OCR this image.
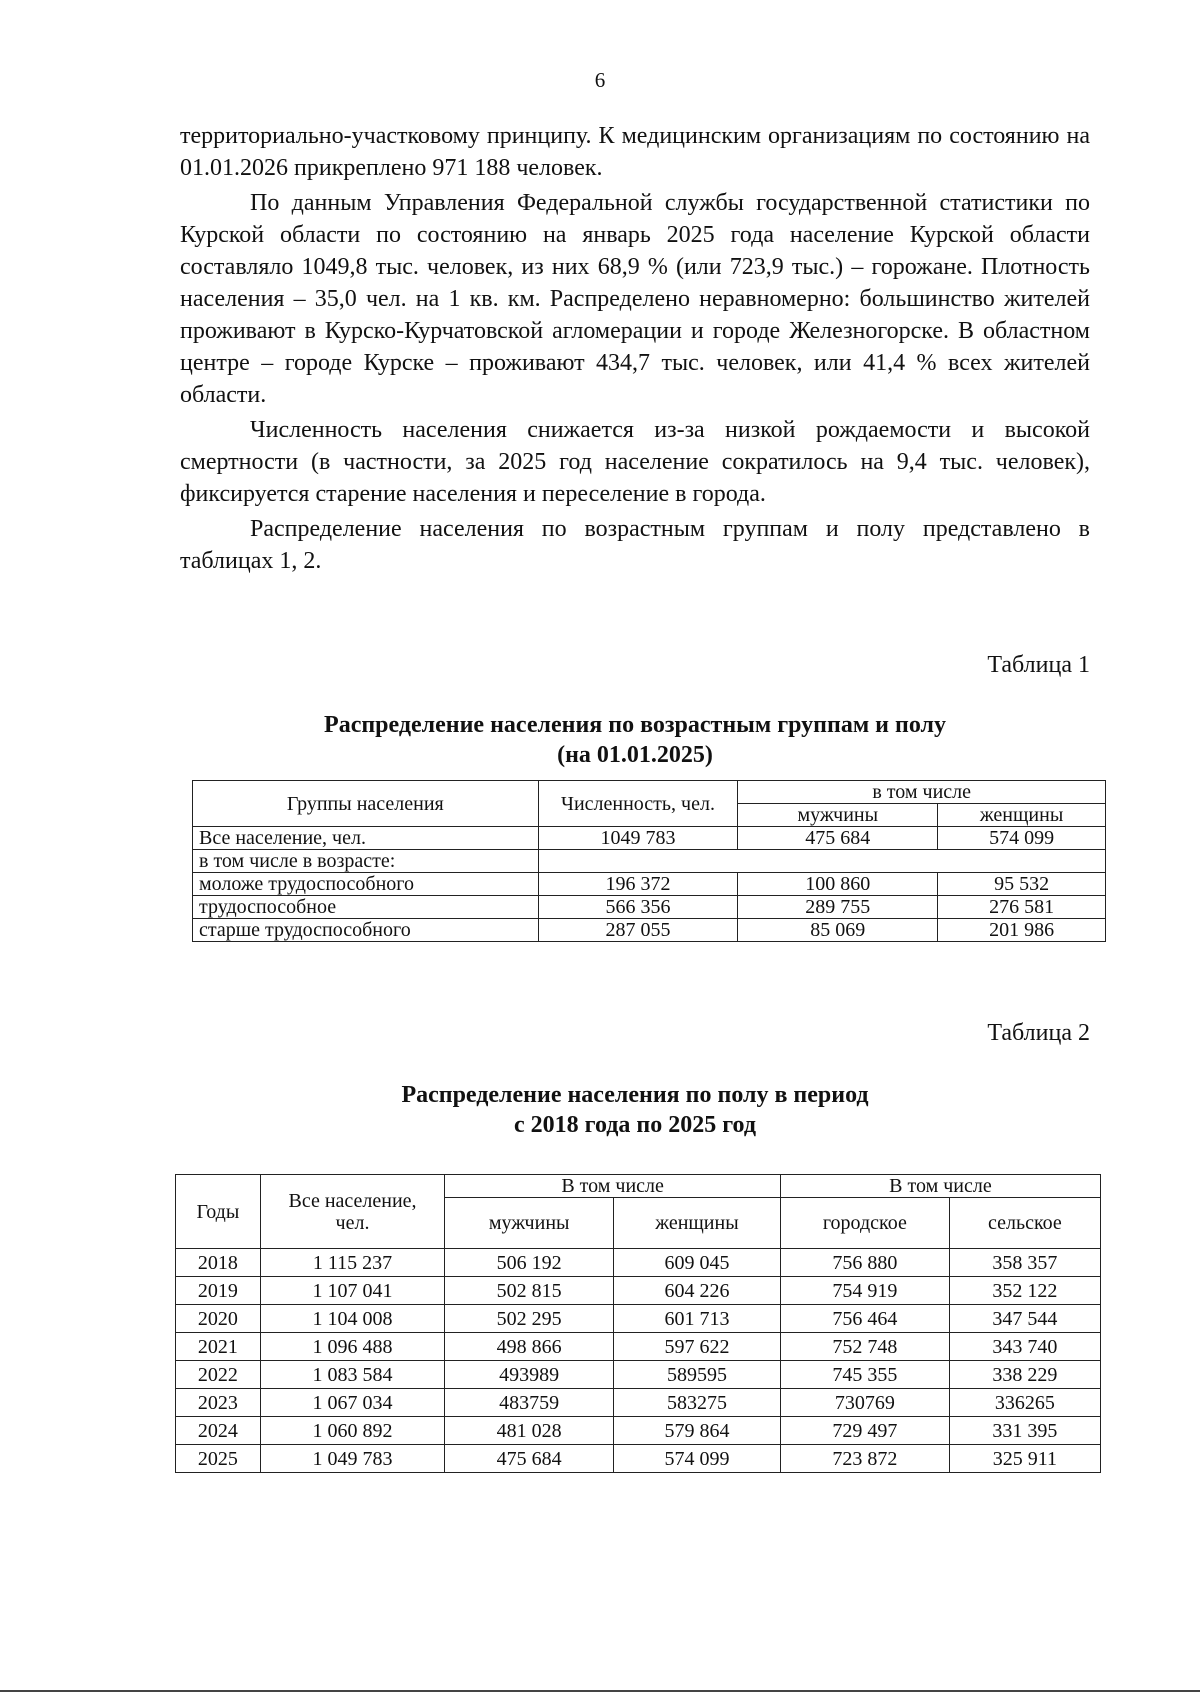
6

территориально-участковому принципу. К медицинским организациям по состоянию на 01.01.2026 прикреплено 971 188 человек.

По данным Управления Федеральной службы государственной статистики по Курской области по состоянию на январь 2025 года население Курской области составляло 1049,8 тыс. человек, из них 68,9 % (или 723,9 тыс.) – горожане. Плотность населения – 35,0 чел. на 1 кв. км. Распределено неравномерно: большинство жителей проживают в Курско-Курчатовской агломерации и городе Железногорске. В областном центре – городе Курске – проживают 434,7 тыс. человек, или 41,4 % всех жителей области.

Численность населения снижается из-за низкой рождаемости и высокой смертности (в частности, за 2025 год население сократилось на 9,4 тыс. человек), фиксируется старение населения и переселение в города.

Распределение населения по возрастным группам и полу представлено в таблицах 1, 2.

Таблица 1
Распределение населения по возрастным группам и полу
(на 01.01.2025)
Группы населения	Численность, чел.	в том числе	
		мужчины	женщины
Все население, чел.	1049 783	475 684	574 099
в том числе в возрасте:			
моложе трудоспособного	196 372	100 860	95 532
трудоспособное	566 356	289 755	276 581
старше трудоспособного	287 055	85 069	201 986
Таблица 2
Распределение населения по полу в период
с 2018 года по 2025 год
Годы	Все население, чел.	В том числе		В том числе	
		мужчины	женщины	городское	сельское
2018	1 115 237	506 192	609 045	756 880	358 357
2019	1 107 041	502 815	604 226	754 919	352 122
2020	1 104 008	502 295	601 713	756 464	347 544
2021	1 096 488	498 866	597 622	752 748	343 740
2022	1 083 584	493989	589595	745 355	338 229
2023	1 067 034	483759	583275	730769	336265
2024	1 060 892	481 028	579 864	729 497	331 395
2025	1 049 783	475 684	574 099	723 872	325 911
